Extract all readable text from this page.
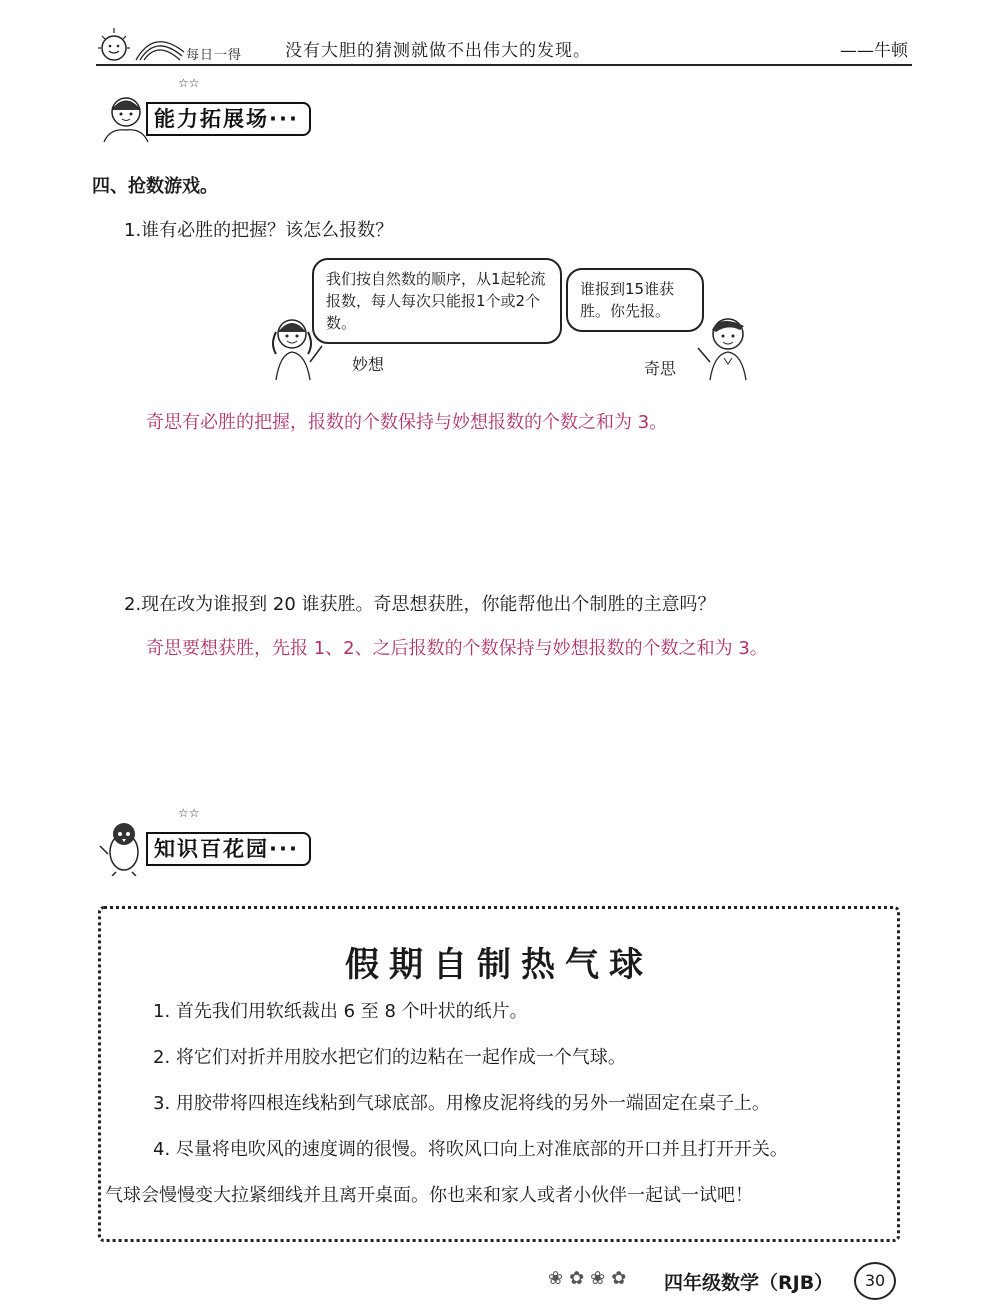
每日一得	没有大胆的猜测就做不出伟大的发现。	——牛顿
☆☆
能力拓展场···
四、抢数游戏。
1.谁有必胜的把握？该怎么报数？
我们按自然数的顺序，从1起轮流报数，每人每次只能报1个或2个数。
妙想
谁报到15谁获胜。你先报。
奇思
奇思有必胜的把握，报数的个数保持与妙想报数的个数之和为 3。
2.现在改为谁报到 20 谁获胜。奇思想获胜，你能帮他出个制胜的主意吗？
奇思要想获胜，先报 1、2、之后报数的个数保持与妙想报数的个数之和为 3。
☆☆
知识百花园···
假期自制热气球
1. 首先我们用软纸裁出 6 至 8 个叶状的纸片。
2. 将它们对折并用胶水把它们的边粘在一起作成一个气球。
3. 用胶带将四根连线粘到气球底部。用橡皮泥将线的另外一端固定在桌子上。
4. 尽量将电吹风的速度调的很慢。将吹风口向上对准底部的开口并且打开开关。
气球会慢慢变大拉紧细线并且离开桌面。你也来和家人或者小伙伴一起试一试吧！
❀✿❀✿ 四年级数学（RJB）	30
